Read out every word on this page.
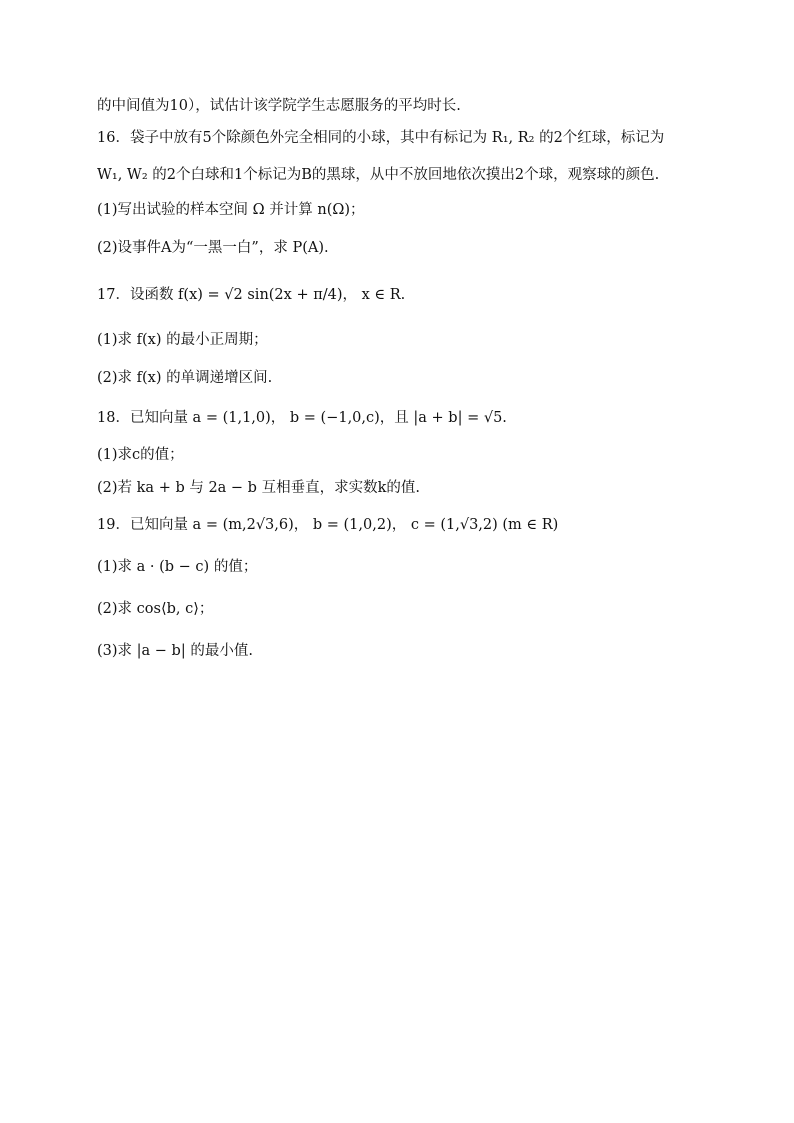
的中间值为10），试估计该学院学生志愿服务的平均时长.
16．袋子中放有5个除颜色外完全相同的小球，其中有标记为 R₁, R₂ 的2个红球，标记为
W₁, W₂ 的2个白球和1个标记为B的黑球，从中不放回地依次摸出2个球，观察球的颜色.
(1)写出试验的样本空间 Ω 并计算 n(Ω)；
(2)设事件A为“一黑一白”，求 P(A).
17．设函数 f(x) = √2 sin(2x + π/4)， x ∈ R.
(1)求 f(x) 的最小正周期；
(2)求 f(x) 的单调递增区间.
18．已知向量 a = (1,1,0)， b = (−1,0,c)，且 |a + b| = √5.
(1)求c的值；
(2)若 ka + b 与 2a − b 互相垂直，求实数k的值.
19．已知向量 a = (m,2√3,6)， b = (1,0,2)， c = (1,√3,2) (m ∈ R)
(1)求 a · (b − c) 的值；
(2)求 cos⟨b, c⟩；
(3)求 |a − b| 的最小值.
